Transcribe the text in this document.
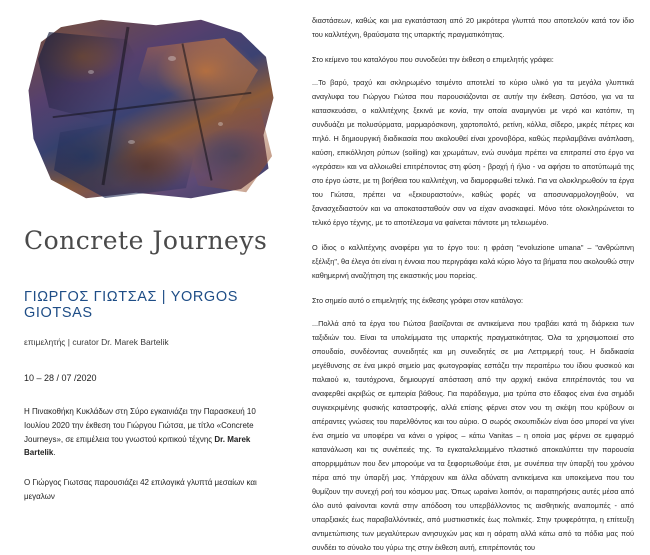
Concrete Journeys
ΓΙΩΡΓΟΣ ΓΙΩΤΣΑΣ | YORGOS GIOTSAS
επιμελητής | curator Dr. Marek Bartelik
10 – 28 / 07 /2020
Η Πινακοθήκη Κυκλάδων στη Σύρο εγκαινιάζει την Παρασκευή 10 Ιουλίου 2020 την έκθεση του Γιώργου Γιώτσα, με τίτλο «Concrete Journeys», σε επιμέλεια του γνωστού κριτικού τέχνης Dr. Marek Bartelik.
Ο Γιώργος Γιωτσας παρουσιάζει 42 επιλογικά γλυπτά μεσαίων και μεγαλων

διαστάσεων, καθώς και μια εγκατάσταση από 20 μικρότερα γλυπτά που αποτελούν κατά τον ίδιο του καλλιτέχνη, θραύσματα της υπαρκτής πραγματικότητας.

Στο κείμενο του καταλόγου που συνοδεύει την έκθεση ο επιμελητής γράφει:

...Το βαρύ, τραχύ και σκληρωμένο τσιμέντο αποτελεί το κύριο υλικό για τα μεγάλα γλυπτικά αναγλυφα του Γιώργου Γιώτσα που παρουσιάζονται σε αυτήν την έκθεση. Ωστόσο, για να τα κατασκευάσει, ο καλλιτέχνης ξεκινά με κονία, την οποία αναμιγνύει με νερό και κατόπιν, τη συνδυάζει με πολυσύρματα, μαρμαρόσκονη, χαρτοπολτό, ρετίνη, κόλλα, σίδερο, μικρές πέτρες και πηλό. Η δημιουργική διαδικασία που ακολουθεί είναι χρονοβόρα, καθώς περιλαμβάνει ανάπλαση, καύση, επικόλληση ρύπων (soiling) και χρωμάτων, ενώ συνάμα πρέπει να επιτραπεί στο έργο να «γεράσει» και να αλλοιωθεί επιτρέποντας στη φύση - βροχή ή ήλιο - να αφήσει το αποτύπωμά της στο έργο ώστε, με τη βοήθεια του καλλιτέχνη, να διαμορφωθεί τελικά. Για να ολοκληρωθούν τα έργα του Γιώτσα, πρέπει να «ξεκουραστούν», καθώς φορές να αποσυναρμολογηθούν, να ξανασχεδιαστούν και να αποκατασταθούν σαν να είχαν ανασκαφεί. Μόνο τότε ολοκληρώνεται το τελικό έργο τέχνης, με το αποτέλεσμα να φαίνεται πάντοτε μη τελειωμένο.

Ο ίδιος ο καλλιτέχνης αναφέρει για το έργο του: η φράση "evoluzione umana" – "ανθρώπινη εξέλιξη", θα έλεγα ότι είναι η έννοια που περιγράφει καλά κύριο λόγο τα βήματα που ακολουθώ στην καθημερινή αναζήτηση της εικαστικής μου πορείας.

Στο σημείο αυτό ο επιμελητής της έκθεσης γράφει στον κατάλογο:

...Πολλά από τα έργα του Γιώτσα βασίζονται σε αντικείμενα που τραβάει κατά τη διάρκεια των ταξιδιών του. Είναι τα υπολείμματα της υπαρκτής πραγματικότητας. Όλα τα χρησιμοποιεί στο σπουδαίο, συνδέοντας συνειδητές και μη συνειδητές σε μια Λεττριμερή τους. Η διαδικασία μεγέθυνσης σε ένα μικρό σημείο μας φωτογραφίας εσπάζει την περαιτέρω του ίδιου φυσικού και παλαιού κι, ταυτόχρονα, δημιουργεί απόσταση από την αρχική εικόνα επιτρέποντάς του να αναφερθεί ακριβώς σε εμπειρία βάθους. Για παράδειγμα, μια τρύπα στο έδαφος είναι ένα σημάδι συγκεκριμένης φυσικής καταστροφής, αλλά επίσης φέρνει στον νου τη σκέψη που κρύβουν οι απέραντες γνώσεις του παρελθόντος και του αύριο. Ο σωρός σκουπιδιών είναι όσο μπορεί να γίνει ένα σημείο να υποφέρει να κάνει ο γρίφος – κάτω Vanitas – η οποία μας φέρνει σε εμφαρμό κατανάλωση και τις συνέπειές της. Το εγκαταλελειμμένο πλαστικό αποκαλύπτει την παρουσία απορριμμάτων που δεν μπορούμε να τα ξεφορτωθούμε έτσι, με συνέπεια την ύπαρξή του χρόνου πέρα από την ύπαρξή μας. Υπάρχουν και άλλα αδύνατη αντικείμενα και υποκείμενα που του θυμίζουν την συνεχή ροή του κόσμου μας. Όπως ωραίνει λοιπόν, οι παρατηρήσεις αυτές μέσα από όλο αυτό φαίνονται κοντά στην απόδοση του υπερβάλλοντος τις αισθητικής αναπομπές - από υπαρξιακές έως παραβαλλόντικές, από μυστικιστικές έως πολιτικές. Στην τρυφερότητα, η επίτευξη αντιμετώπισης των μεγαλύτερων ανησυχιών μας και η αόρατη αλλά κάτω από τα πόδια μας πού συνδέει το σύνολο του γύρω της στην έκθεση αυτή, επιτρέποντάς του
